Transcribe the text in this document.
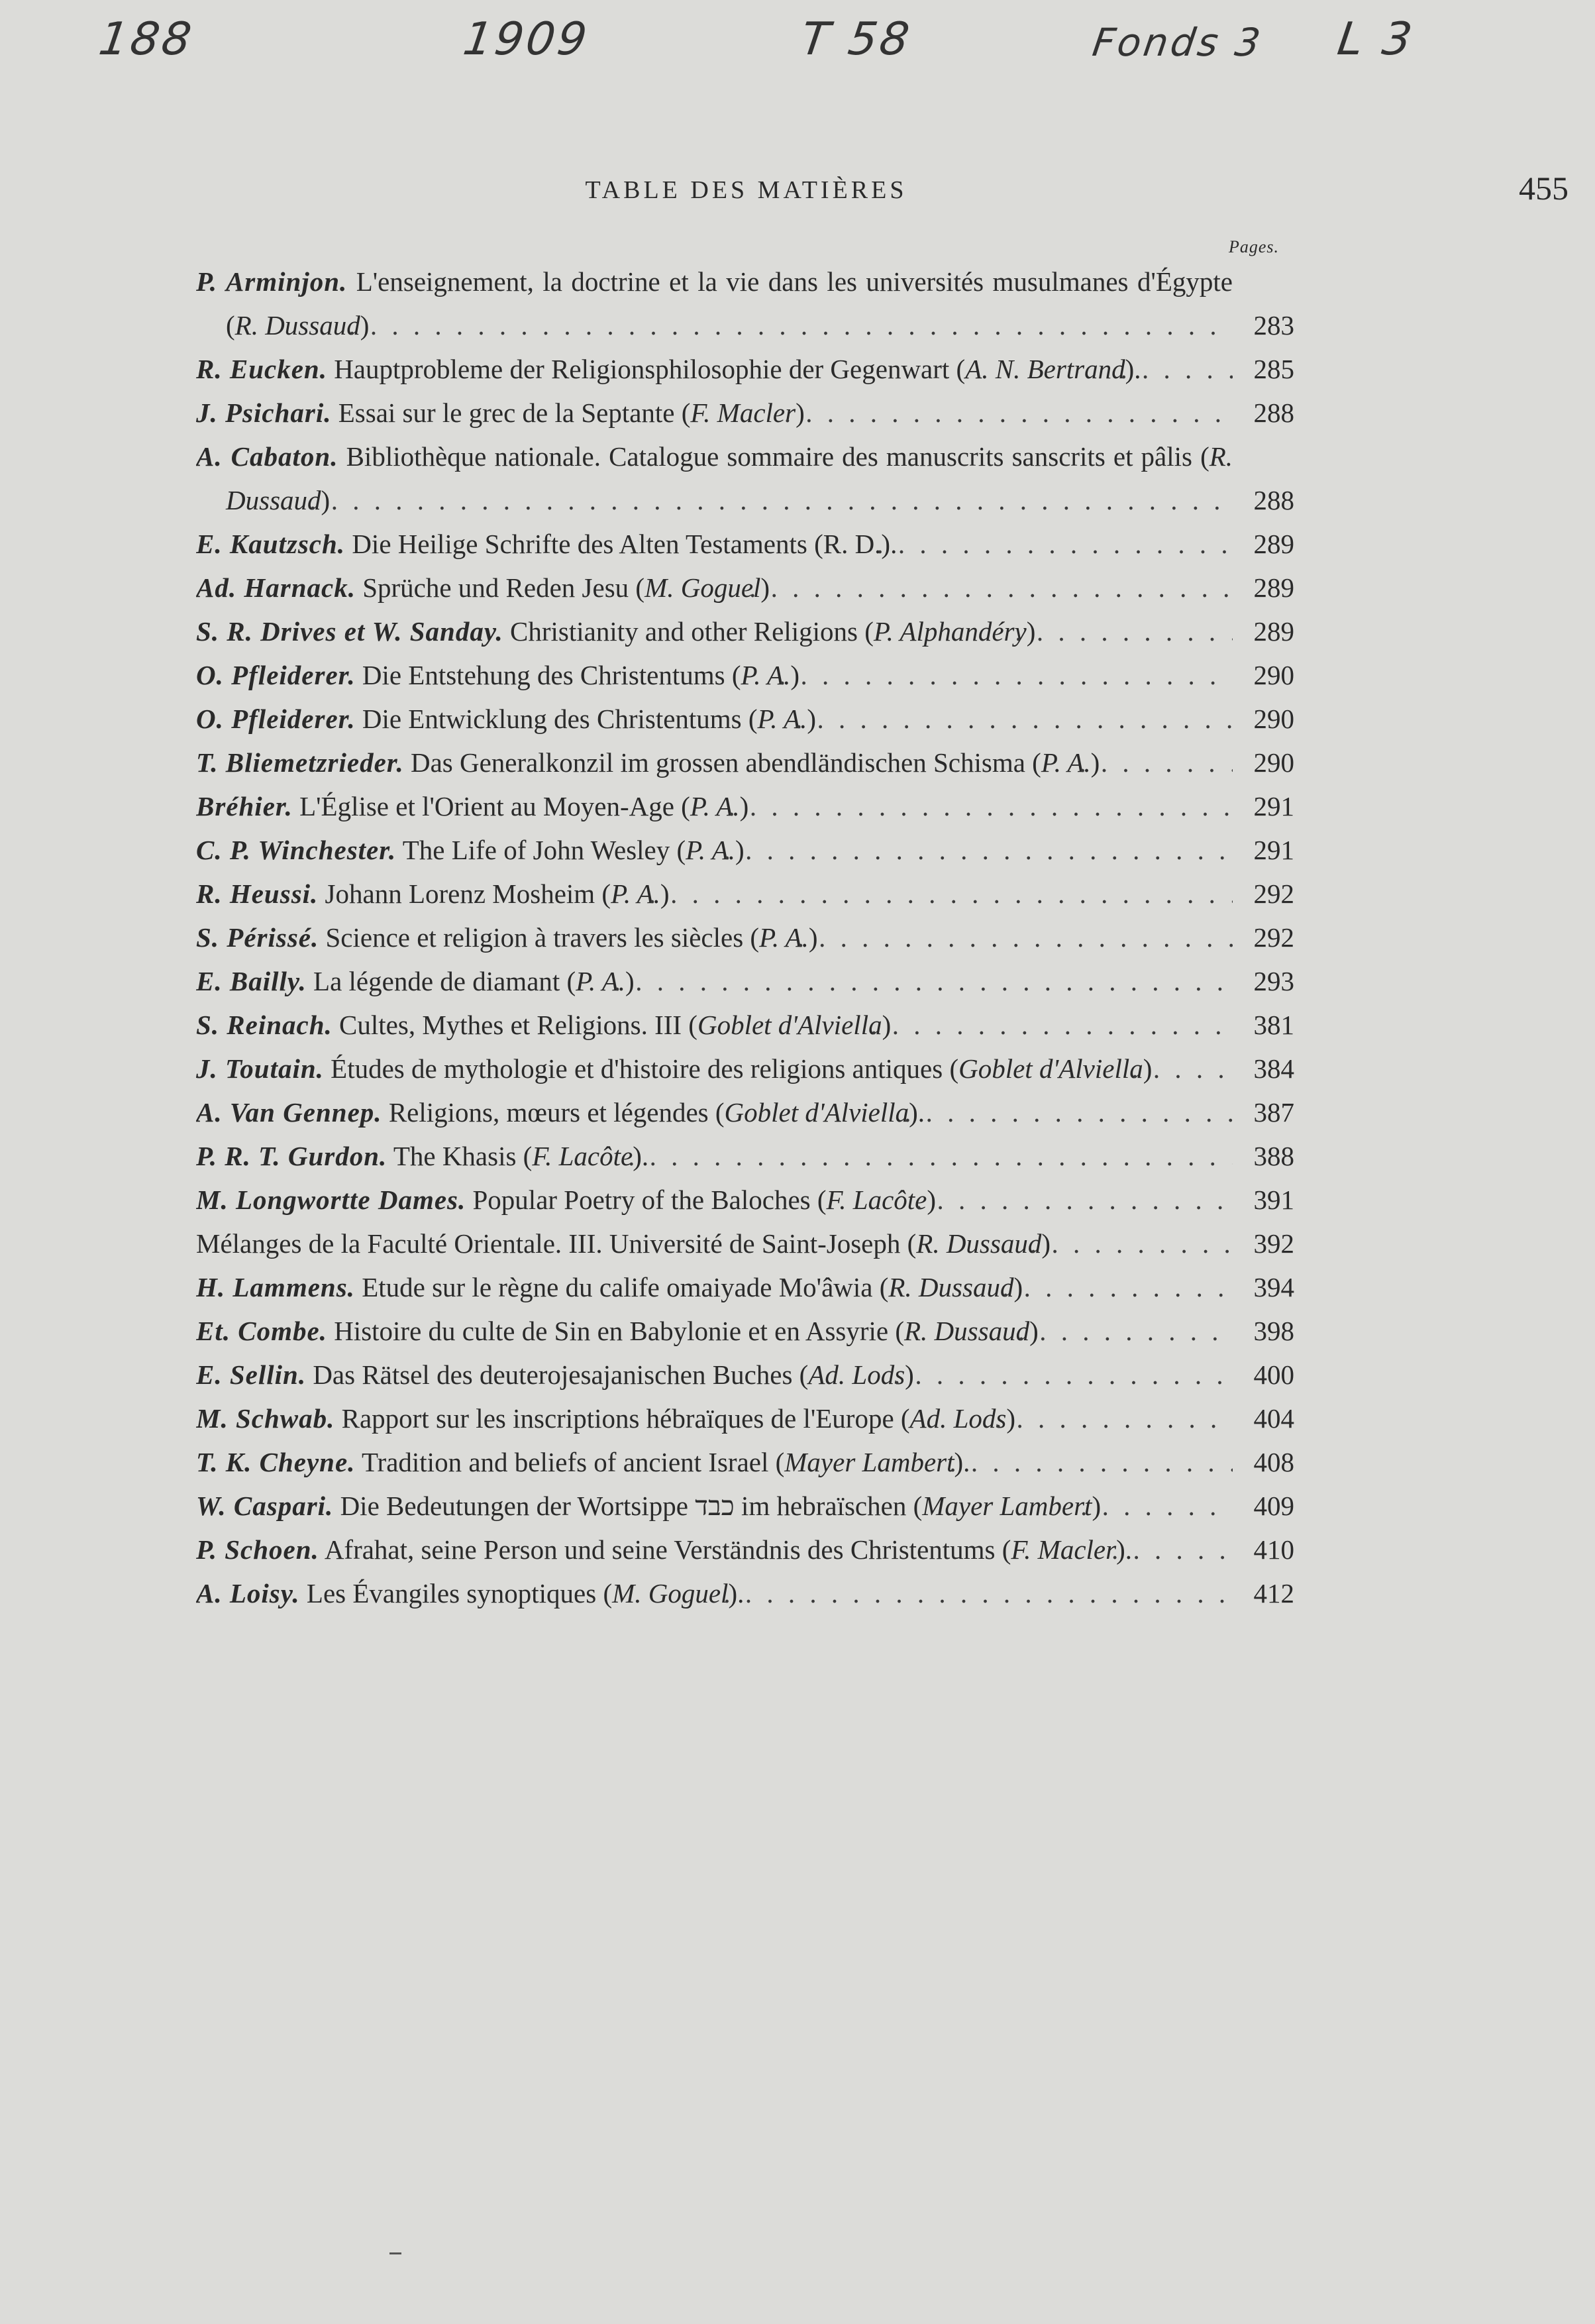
188	1909	T 58	Fonds 3 L 3
TABLE DES MATIÈRES	455
Pages.
P. Arminjon. L'enseignement, la doctrine et la vie dans les universités musulmanes d'Égypte (R. Dussaud) . . .	283
R. Eucken. Hauptprobleme der Religionsphilosophie der Gegenwart (A. N. Bertrand). . . .	285
J. Psichari. Essai sur le grec de la Septante (F. Macler) . . .	288
A. Cabaton. Bibliothèque nationale. Catalogue sommaire des manuscrits sanscrits et pâlis (R. Dussaud) . . .	288
E. Kautzsch. Die Heilige Schrifte des Alten Testaments (R. D.). . . .	289
Ad. Harnack. Sprüche und Reden Jesu (M. Goguel) . . .	289
S. R. Drives et W. Sanday. Christianity and other Religions (P. Alphandéry) . . .	289
O. Pfleiderer. Die Entstehung des Christentums (P. A.) . . .	290
O. Pfleiderer. Die Entwicklung des Christentums (P. A.) . . .	290
T. Bliemetzrieder. Das Generalkonzil im grossen abendländischen Schisma (P. A.) . . .	290
Bréhier. L'Église et l'Orient au Moyen-Age (P. A.) . . .	291
C. P. Winchester. The Life of John Wesley (P. A.) . . .	291
R. Heussi. Johann Lorenz Mosheim (P. A.) . . .	292
S. Périssé. Science et religion à travers les siècles (P. A.) . . .	292
E. Bailly. La légende de diamant (P. A.) . . .	293
S. Reinach. Cultes, Mythes et Religions. III (Goblet d'Alviella) . . .	381
J. Toutain. Études de mythologie et d'histoire des religions antiques (Goblet d'Alviella) . . .	384
A. Van Gennep. Religions, mœurs et légendes (Goblet d'Alviella). . . .	387
P. R. T. Gurdon. The Khasis (F. Lacôte). . . .	388
M. Longwortte Dames. Popular Poetry of the Baloches (F. Lacôte) . . .	391
Mélanges de la Faculté Orientale. III. Université de Saint-Joseph (R. Dussaud) . . .	392
H. Lammens. Etude sur le règne du calife omaiyade Mo'âwia (R. Dussaud) . . .	394
Et. Combe. Histoire du culte de Sin en Babylonie et en Assyrie (R. Dussaud) . . .	398
E. Sellin. Das Rätsel des deuterojesajanischen Buches (Ad. Lods) . . .	400
M. Schwab. Rapport sur les inscriptions hébraïques de l'Europe (Ad. Lods) . . .	404
T. K. Cheyne. Tradition and beliefs of ancient Israel (Mayer Lambert). . . .	408
W. Caspari. Die Bedeutungen der Wortsippe כבד im hebraïschen (Mayer Lambert) . . .	409
P. Schoen. Afrahat, seine Person und seine Verständnis des Christentums (F. Macler). . . .	410
A. Loisy. Les Évangiles synoptiques (M. Goguel). . . .	412
